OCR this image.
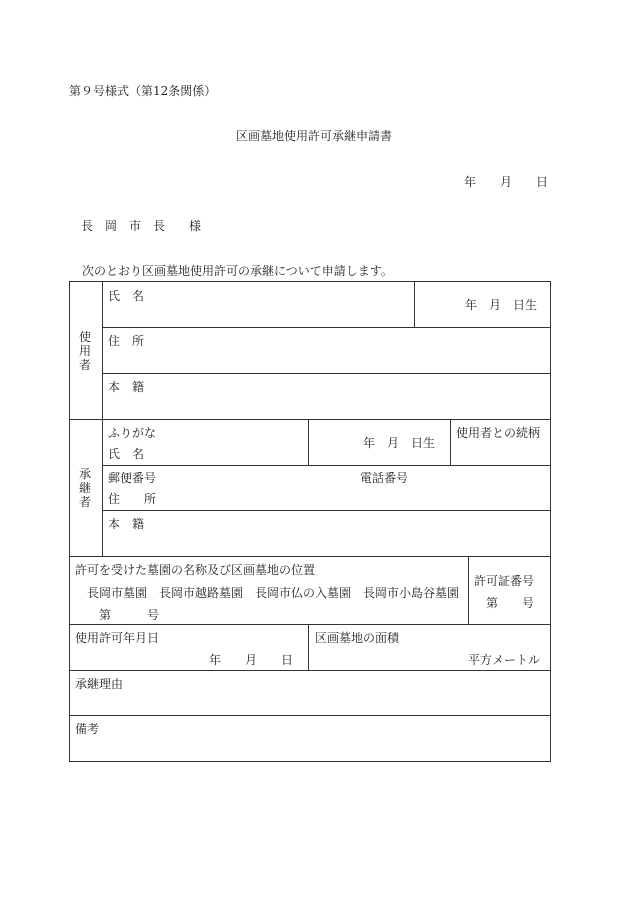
第９号様式（第12条関係）
区画墓地使用許可承継申請書
年　　月　　日
長　岡　市　長　　様
次のとおり区画墓地使用許可の承継について申請します。
使用者
氏　名
年　月　日生
住　所
本　籍
承継者
ふりがな
氏　名
年　月　日生
使用者との続柄
郵便番号	電話番号
住　　所
本　籍
許可を受けた墓園の名称及び区画墓地の位置
長岡市墓園 長岡市越路墓園 長岡市仏の入墓園 長岡市小島谷墓園
第　　　号
許可証番号
第　　号
使用許可年月日
年　　月　　日
区画墓地の面積
平方メートル
承継理由
備考
